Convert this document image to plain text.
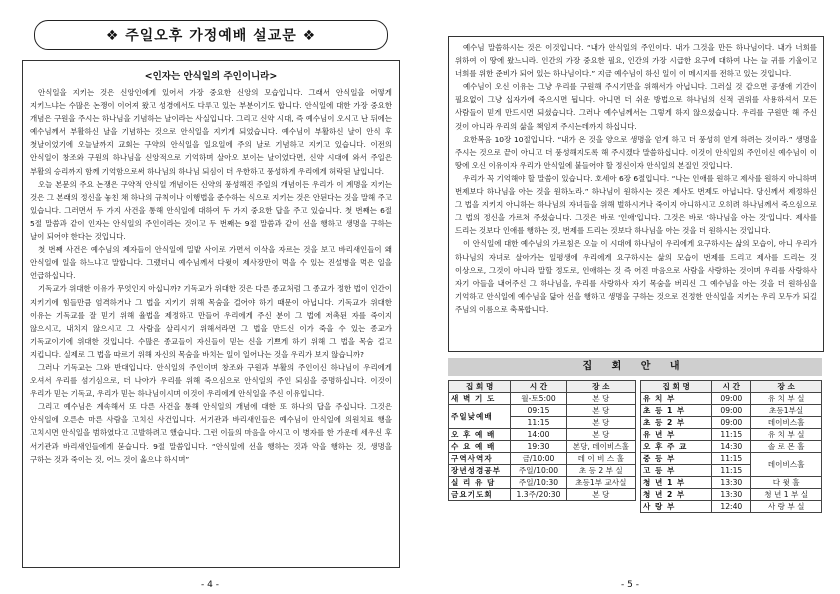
❖ 주일오후 가정예배 설교문 ❖
<인자는 안식일의 주인이니라>

안식일을 지키는 것은 신앙인에게 있어서 가장 중요한 신앙의 모습입니다. 그래서 안식일을 어떻게 지키느냐는 수많은 논쟁이 이어져 왔고 성경에서도 다루고 있는 부분이기도 합니다. 안식일에 대한 가장 중요한 개념은 구원을 주시는 하나님을 기념하는 날이라는 사실입니다. 그리고 신약 시대, 즉 예수님이 오시고 난 뒤에는 예수님께서 부활하신 날을 기념하는 것으로 안식일을 지키게 되었습니다. 예수님이 부활하신 날이 안식 후 첫날이었기에 오늘날까지 교회는 구약의 안식일을 일요일에 주의 날로 기념하고 지키고 있습니다. 이전의 안식일이 창조와 구원의 하나님을 신앙적으로 기억하며 살아오 보이는 날이었다면, 신약 시대에 와서 주일은 부활의 승리까지 함께 기억함으로써 하나님의 하나님 되심이 더 우한하고 풍성하게 우리에게 허락된 날입니다.

오늘 본문의 주요 논쟁은 구약적 안식일 개념이든 신약의 풍성해진 주일의 개념이든 우리가 이 계명을 지키는 것은 그 본래의 정신을 놓친 채 하나의 규칙이나 이행법을 준수하는 식으로 지키는 것은 안된다는 것을 말해 주고 있습니다. 그러면서 두 가지 사건을 통해 안식일에 대하여 두 가지 중요한 답을 주고 있습니다. 첫 번째는 6절 5절 말씀과 같이 인자는 안식일의 주인이라는 것이고 두 번째는 9절 말씀과 같이 선을 행하고 생명을 구하는 날이 되어야 한다는 것입니다.

첫 번째 사건은 예수님의 제자들이 안식일에 밀밭 사이로 가면서 이삭을 자르는 것을 보고 바리새인들이 왜 안식일에 일을 하느냐고 말합니다. 그랬더니 예수님께서 다윗이 제사장만이 먹을 수 있는 진설병을 먹은 일을 언급하십니다.

기독교가 위대한 이유가 무엇인지 아십니까? 기독교가 위대한 것은 다른 종교처럼 그 종교가 정한 법이 인간이 지키기에 힘들만큼 엄격하거나 그 법을 지키기 위해 목숨을 걸어야 하기 때문이 아닙니다. 기독교가 위대한 이유는 기독교를 잘 믿기 위해 율법을 제정하고 만들어 우리에게 주신 분이 그 법에 저촉된 자를 죽이지 않으시고, 내치지 않으시고 그 사람을 살리시기 위해서라면 그 법을 만드신 이가 죽을 수 있는 종교가 기독교이기에 위대한 것입니다. 수많은 종교들이 자신들이 믿는 신을 기쁘게 하기 위해 그 법을 목숨 걸고 지킵니다. 실제로 그 법을 따르기 위해 자신의 목숨을 바치는 일이 일어나는 것을 우리가 보지 않습니까?

그러나 기독교는 그와 반대입니다. 안식일의 주인이며 창조와 구원과 부활의 주인이신 하나님이 우리에게 오셔서 우리를 섬기심으로, 더 나아가 우리를 위해 죽으심으로 안식일의 주인 되심을 증명하십니다. 이것이 우리가 믿는 기독교, 우리가 믿는 하나님이시며 이것이 우리에게 안식일을 주신 이유입니다.

그리고 예수님은 계속해서 또 다른 사건을 통해 안식일의 개념에 대한 또 하나의 답을 주십니다. 그것은 안식일에 오른손 마른 사람을 고치신 사건입니다. 서기관과 바리새인들은 예수님이 안식일에 의원치료 행을 고치시면 안식일을 범하였다고 고발하려고 했습니다. 그런 이들의 마음을 아시고 이 병자를 한 가운데 세우신 후 서기관과 바리새인들에게 묻습니다. 9절 말씀입니다. “안식일에 선을 행하는 것과 악을 행하는 것, 생명을 구하는 것과 죽이는 것, 어느 것이 옳으냐 하시며”

- 4 -

예수님 말씀하시는 것은 이것입니다. “내가 안식일의 주인이다. 내가 그것을 만든 하나님이다. 내가 너희를 위하여 이 땅에 왔느니라. 인간의 가장 중요한 필요, 인간의 가장 시급한 요구에 대하여 나는 늘 귀를 기울이고 너희를 위한 준비가 되어 있는 하나님이다.” 지금 예수님이 하신 일이 이 메시지를 전하고 있는 것입니다.

예수님이 오신 이유는 그냥 우리를 구원해 주시기만을 위해서가 아닙니다. 그러실 것 같으면 공생애 기간이 필요없이 그냥 십자가에 죽으시면 됩니다. 아니면 더 쉬운 방법으로 하나님의 신적 권위를 사용하셔서 모든 사람들이 믿게 만드시면 되셨습니다. 그러나 예수님께서는 그렇게 하지 않으셨습니다. 우리를 구원만 해 주신 것이 아니라 우리의 삶을 책임져 주시는데까지 하십니다.

요한복음 10장 10절입니다. “내가 온 것을 양으로 생명을 얻게 하고 더 풍성히 얻게 하려는 것이라.” 생명을 주시는 것으로 끝이 아니고 더 풍성해지도록 해 주시겠다 말씀하십니다. 이것이 안식일의 주인이신 예수님이 이 땅에 오신 이유이자 우리가 안식일에 붙들어야 할 정신이자 안식일의 본질인 것입니다.

우리가 꼭 기억해야 할 말씀이 있습니다. 호세아 6장 6절입니다. “나는 인애를 원하고 제사를 원하지 아니하며 번제보다 하나님을 아는 것을 원하노라.” 하나님이 원하시는 것은 제사도 번제도 아닙니다. 당신께서 제정하신 그 법을 지키지 아니하는 하나님의 자녀들을 위해 벌하시거나 죽이지 아니하시고 오히려 하나님께서 죽으심으로 그 법의 정신을 가르쳐 주셨습니다. 그것은 바로 '인애'입니다. 그것은 바로 '하나님을 아는 것'입니다. 제사를 드리는 것보다 인애를 행하는 것, 번제를 드리는 것보다 하나님을 아는 것을 더 원하시는 것입니다.

이 안식일에 대한 예수님의 가르침은 오늘 이 시대에 하나님이 우리에게 요구하시는 삶의 모습이, 아니 우리가 하나님의 자녀로 살아가는 일평생에 우리에게 요구하시는 삶의 모습이 번제를 드리고 제사를 드리는 것 이상으로, 그것이 아니라 말할 정도로, 인애하는 것 즉 어진 마음으로 사람을 사랑하는 것이며 우리를 사랑하사 자기 아들을 내어주신 그 하나님을, 우리를 사랑하사 자기 목숨을 버리신 그 예수님을 아는 것을 더 원하심을 기억하고 안식일에 예수님을 닮아 선을 행하고 생명을 구하는 것으로 진정한 안식일을 지키는 우리 모두가 되길 주님의 이름으로 축복합니다.

집 회 안 내
집 회 명	시 간	장 소
새 벽 기 도	월-토5:00	본 당
주일낮예배	09:15	본 당
	11:15	본 당
오 후 예 배	14:00	본 당
수 요 예 배	19:30	본당, 데이비스홀
구역사역자	금/10:00	데 이 비 스 홀
장년성경공부	주일/10:00	초 등 2 부 실
실 리 유 담	주일/10:30	초등1부 교사실
금요기도회	1.3주/20:30	본 당
집 회 명	시 간	장 소
유 치 부	09:00	유 치 부 실
초 등 1 부	09:00	초등1부실
초 등 2 부	09:00	데이비스홀
유 년 부	11:15	유 치 부 실
오 후 주 교	14:30	솔 로 몬 홀
중 등 부	11:15	데이비스홀
고 등 부	11:15	
청 년 1 부	13:30	다 윗 홀
청 년 2 부	13:30	청 년 1 부 실
사 랑 부	12:40	사 랑 부 실
- 5 -
